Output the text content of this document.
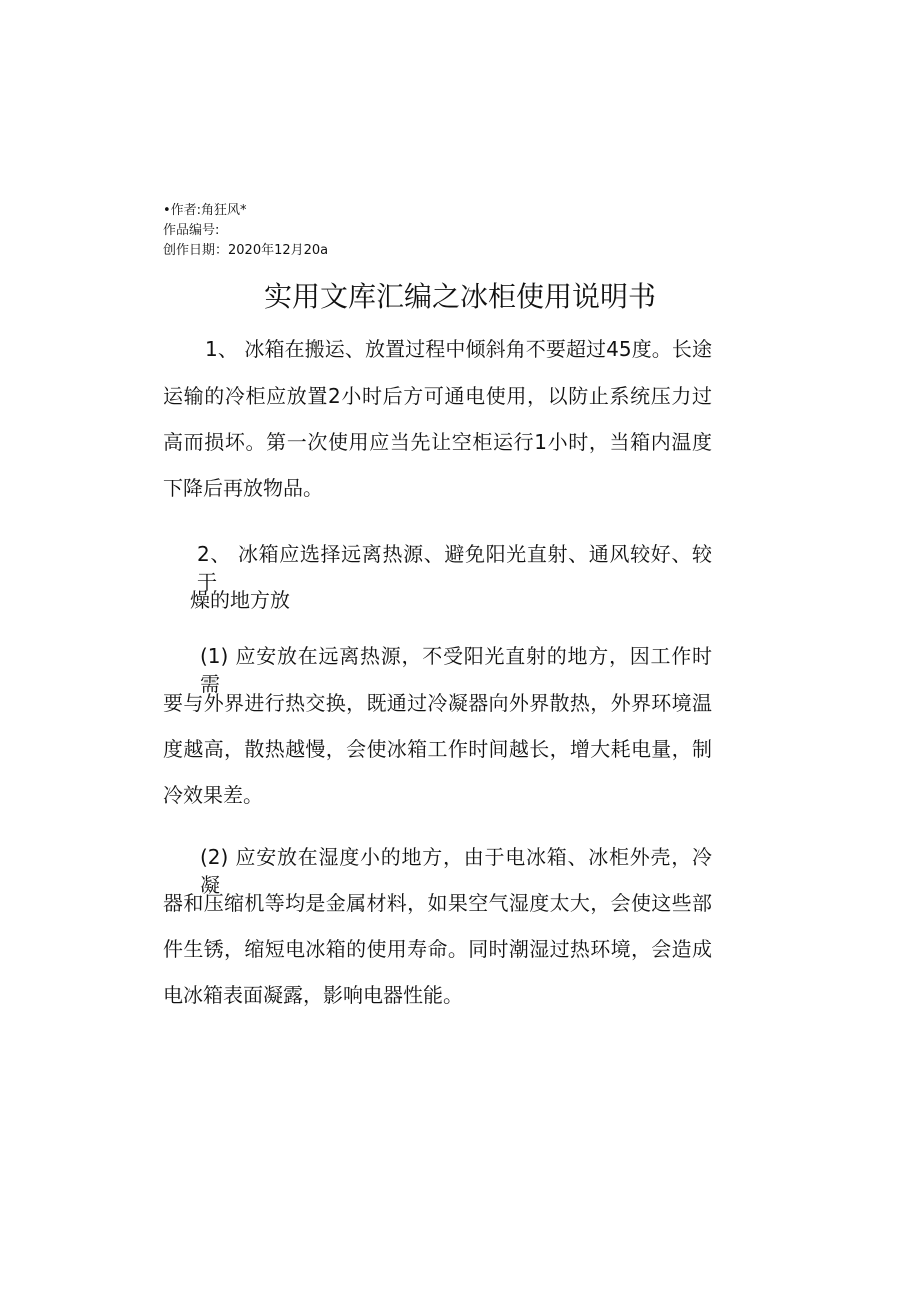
•作者:角狂风*
作品编号:
创作日期：2020年12月20a
实用文库汇编之冰柜使用说明书
1、 冰箱在搬运、放置过程中倾斜角不要超过45度。长途
运输的冷柜应放置2小时后方可通电使用，以防止系统压力过
高而损坏。第一次使用应当先让空柜运行1小时，当箱内温度
下降后再放物品。
2、 冰箱应选择远离热源、避免阳光直射、通风较好、较干
燥的地方放
(1) 应安放在远离热源，不受阳光直射的地方，因工作时需
要与外界进行热交换，既通过冷凝器向外界散热，外界环境温
度越高，散热越慢，会使冰箱工作时间越长，增大耗电量，制
冷效果差。
(2) 应安放在湿度小的地方，由于电冰箱、冰柜外壳，冷凝
器和压缩机等均是金属材料，如果空气湿度太大，会使这些部
件生锈，缩短电冰箱的使用寿命。同时潮湿过热环境，会造成
电冰箱表面凝露，影响电器性能。
